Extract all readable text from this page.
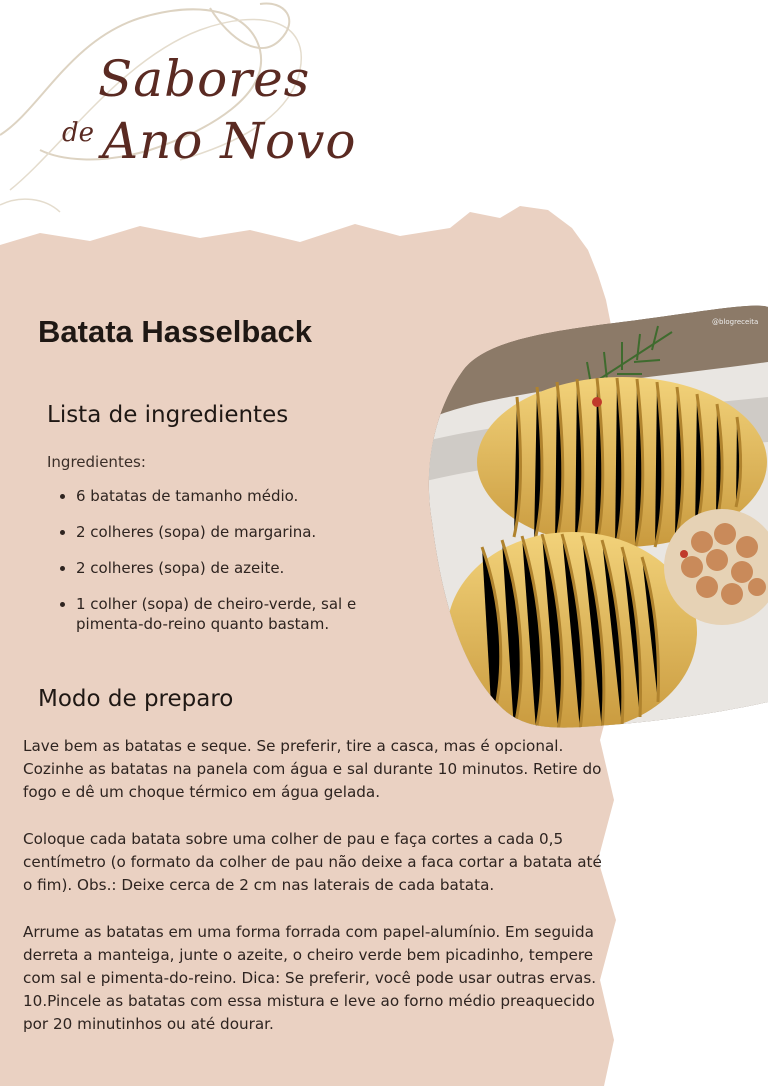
Sabores
de Ano Novo
Batata Hasselback
Lista de ingredientes
Ingredientes:
• 6 batatas de tamanho médio.
• 2 colheres (sopa) de margarina.
• 2 colheres (sopa) de azeite.
• 1 colher (sopa) de cheiro-verde, sal e pimenta-do-reino quanto bastam.
Modo de preparo

Lave bem as batatas e seque. Se preferir, tire a casca, mas é opcional. Cozinhe as batatas na panela com água e sal durante 10 minutos. Retire do fogo e dê um choque térmico em água gelada.

Coloque cada batata sobre uma colher de pau e faça cortes a cada 0,5 centímetro (o formato da colher de pau não deixe a faca cortar a batata até o fim). Obs.: Deixe cerca de 2 cm nas laterais de cada batata.

Arrume as batatas em uma forma forrada com papel-alumínio. Em seguida derreta a manteiga, junte o azeite, o cheiro verde bem picadinho, tempere com sal e pimenta-do-reino. Dica: Se preferir, você pode usar outras ervas. 10.Pincele as batatas com essa mistura e leve ao forno médio preaquecido por 20 minutinhos ou até dourar.

@blogreceita
